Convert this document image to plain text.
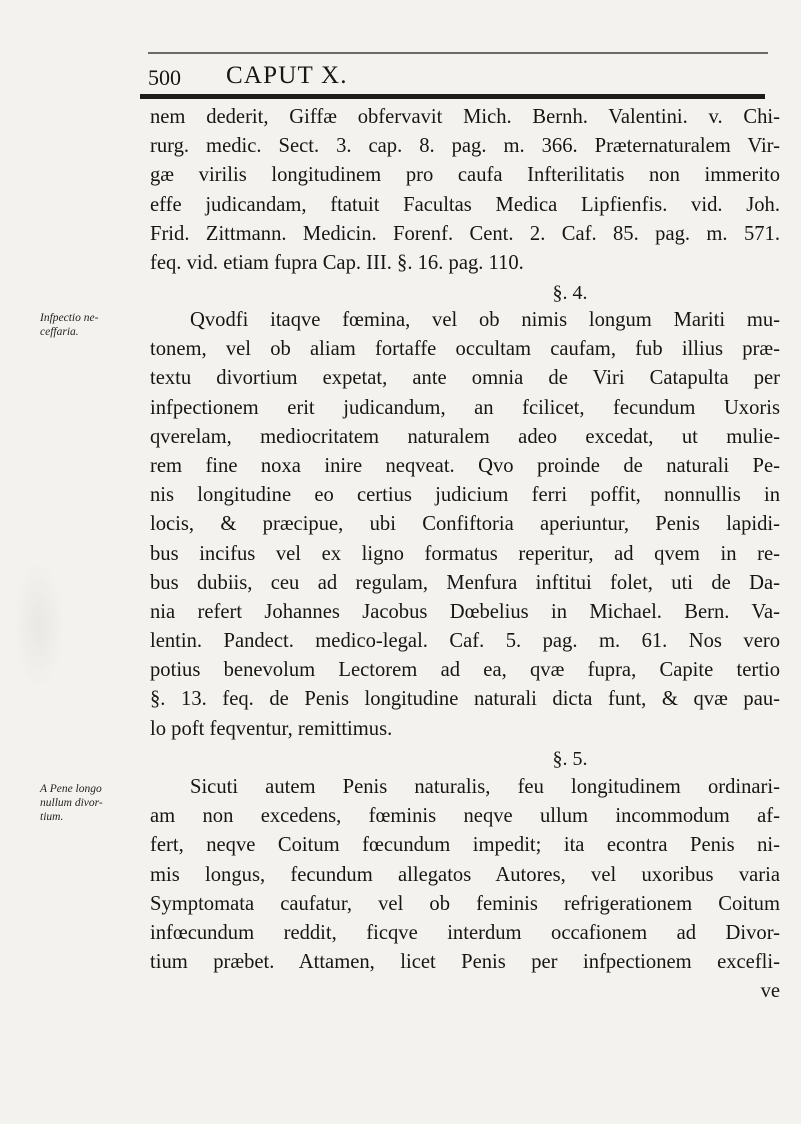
500 CAPUT X.
nem dederit, Giffæ obfervavit Mich. Bernh. Valentini. v. Chi-
rurg. medic. Sect. 3. cap. 8. pag. m. 366. Præternaturalem Vir-
gæ virilis longitudinem pro caufa Infterilitatis non immerito
effe judicandam, ftatuit Facultas Medica Lipfienfis. vid. Joh.
Frid. Zittmann. Medicin. Forenf. Cent. 2. Caf. 85. pag. m. 571.
feq. vid. etiam fupra Cap. III. §. 16. pag. 110.
§. 4.
Infpectio ne-
ceffaria.
Qvodfi itaqve fœmina, vel ob nimis longum Mariti mu-
tonem, vel ob aliam fortaffe occultam caufam, fub illius præ-
textu divortium expetat, ante omnia de Viri Catapulta per
infpectionem erit judicandum, an fcilicet, fecundum Uxoris
qverelam, mediocritatem naturalem adeo excedat, ut mulie-
rem fine noxa inire neqveat. Qvo proinde de naturali Pe-
nis longitudine eo certius judicium ferri poffit, nonnullis in
locis, & præcipue, ubi Confiftoria aperiuntur, Penis lapidi-
bus incifus vel ex ligno formatus reperitur, ad qvem in re-
bus dubiis, ceu ad regulam, Menfura inftitui folet, uti de Da-
nia refert Johannes Jacobus Dœbelius in Michael. Bern. Va-
lentin. Pandect. medico-legal. Caf. 5. pag. m. 61. Nos vero
potius benevolum Lectorem ad ea, qvæ fupra, Capite tertio
§. 13. feq. de Penis longitudine naturali dicta funt, & qvæ pau-
lo poft feqventur, remittimus.
§. 5.
A Pene longo
nullum divor-
tium.
Sicuti autem Penis naturalis, feu longitudinem ordinari-
am non excedens, fœminis neqve ullum incommodum af-
fert, neqve Coitum fœcundum impedit; ita econtra Penis ni-
mis longus, fecundum allegatos Autores, vel uxoribus varia
Symptomata caufatur, vel ob feminis refrigerationem Coitum
infœcundum reddit, ficqve interdum occafionem ad Divor-
tium præbet. Attamen, licet Penis per infpectionem excefli-
ve
